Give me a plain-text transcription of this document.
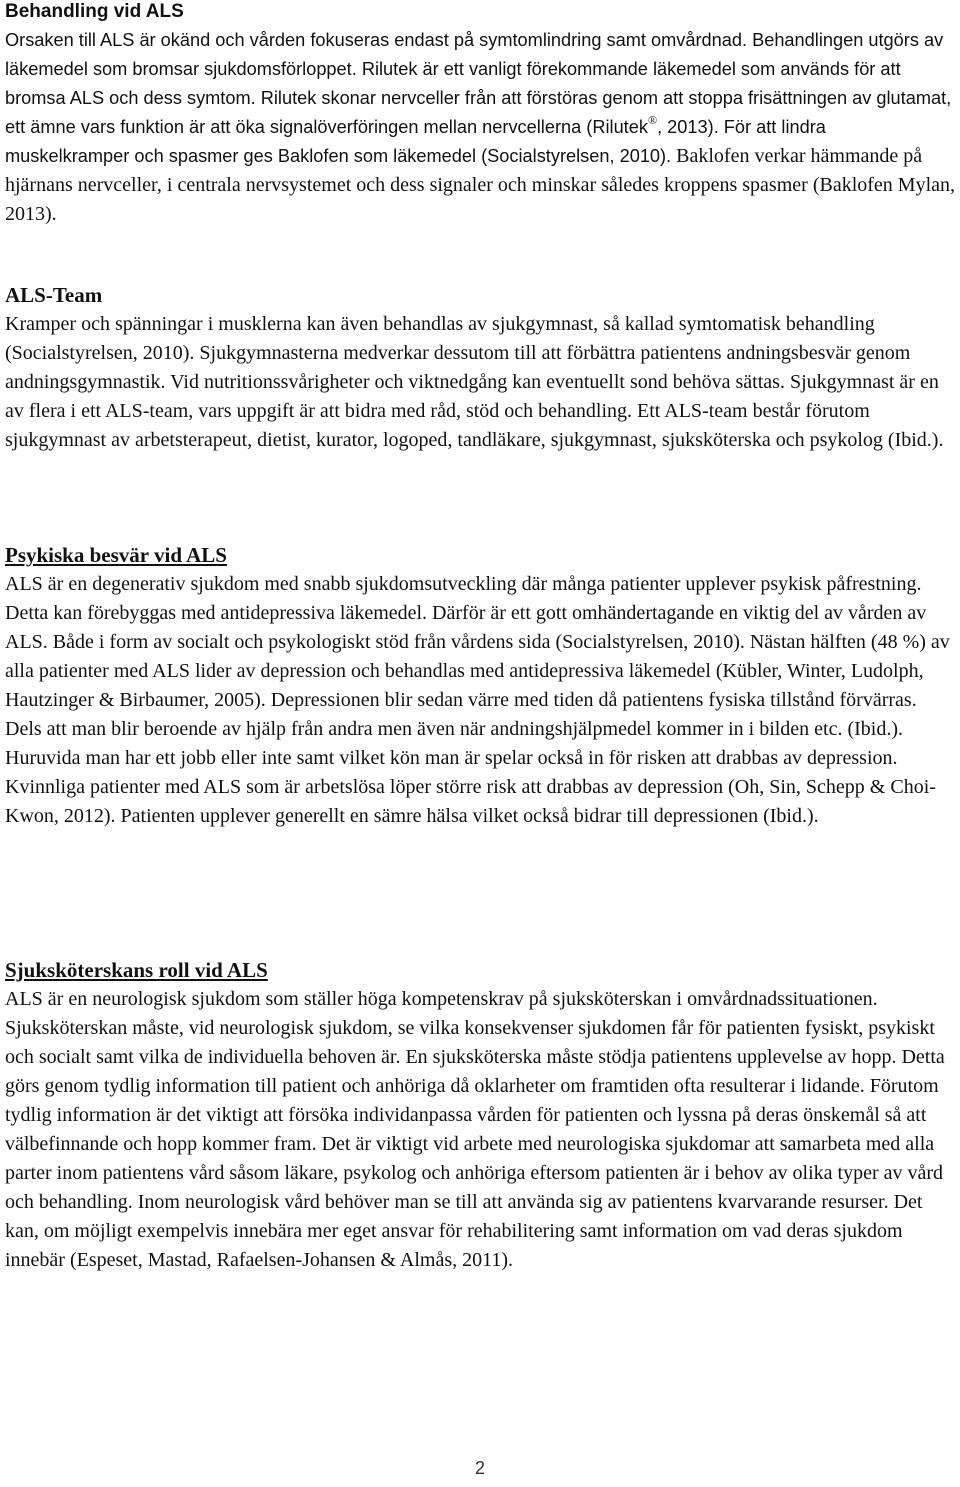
Behandling vid ALS

Orsaken till ALS är okänd och vården fokuseras endast på symtomlindring samt omvårdnad. Behandlingen utgörs av läkemedel som bromsar sjukdomsförloppet. Rilutek är ett vanligt förekommande läkemedel som används för att bromsa ALS och dess symtom. Rilutek skonar nervceller från att förstöras genom att stoppa frisättningen av glutamat, ett ämne vars funktion är att öka signalöverföringen mellan nervcellerna (Rilutek®, 2013). För att lindra muskelkramper och spasmer ges Baklofen som läkemedel (Socialstyrelsen, 2010). Baklofen verkar hämmande på hjärnans nervceller, i centrala nervsystemet och dess signaler och minskar således kroppens spasmer (Baklofen Mylan, 2013).

ALS-Team

Kramper och spänningar i musklerna kan även behandlas av sjukgymnast, så kallad symtomatisk behandling (Socialstyrelsen, 2010). Sjukgymnasterna medverkar dessutom till att förbättra patientens andningsbesvär genom andningsgymnastik. Vid nutritionssvårigheter och viktnedgång kan eventuellt sond behöva sättas. Sjukgymnast är en av flera i ett ALS-team, vars uppgift är att bidra med råd, stöd och behandling. Ett ALS-team består förutom sjukgymnast av arbetsterapeut, dietist, kurator, logoped, tandläkare, sjukgymnast, sjuksköterska och psykolog (Ibid.).

Psykiska besvär vid ALS

ALS är en degenerativ sjukdom med snabb sjukdomsutveckling där många patienter upplever psykisk påfrestning. Detta kan förebyggas med antidepressiva läkemedel. Därför är ett gott omhändertagande en viktig del av vården av ALS. Både i form av socialt och psykologiskt stöd från vårdens sida (Socialstyrelsen, 2010). Nästan hälften (48 %) av alla patienter med ALS lider av depression och behandlas med antidepressiva läkemedel (Kübler, Winter, Ludolph, Hautzinger & Birbaumer, 2005). Depressionen blir sedan värre med tiden då patientens fysiska tillstånd förvärras. Dels att man blir beroende av hjälp från andra men även när andningshjälpmedel kommer in i bilden etc. (Ibid.). Huruvida man har ett jobb eller inte samt vilket kön man är spelar också in för risken att drabbas av depression. Kvinnliga patienter med ALS som är arbetslösa löper större risk att drabbas av depression (Oh, Sin, Schepp & Choi-Kwon, 2012). Patienten upplever generellt en sämre hälsa vilket också bidrar till depressionen (Ibid.).

Sjuksköterskans roll vid ALS

ALS är en neurologisk sjukdom som ställer höga kompetenskrav på sjuksköterskan i omvårdnadssituationen. Sjuksköterskan måste, vid neurologisk sjukdom, se vilka konsekvenser sjukdomen får för patienten fysiskt, psykiskt och socialt samt vilka de individuella behoven är. En sjuksköterska måste stödja patientens upplevelse av hopp. Detta görs genom tydlig information till patient och anhöriga då oklarheter om framtiden ofta resulterar i lidande. Förutom tydlig information är det viktigt att försöka individanpassa vården för patienten och lyssna på deras önskemål så att välbefinnande och hopp kommer fram. Det är viktigt vid arbete med neurologiska sjukdomar att samarbeta med alla parter inom patientens vård såsom läkare, psykolog och anhöriga eftersom patienten är i behov av olika typer av vård och behandling. Inom neurologisk vård behöver man se till att använda sig av patientens kvarvarande resurser. Det kan, om möjligt exempelvis innebära mer eget ansvar för rehabilitering samt information om vad deras sjukdom innebär (Espeset, Mastad, Rafaelsen-Johansen & Almås, 2011).

2
